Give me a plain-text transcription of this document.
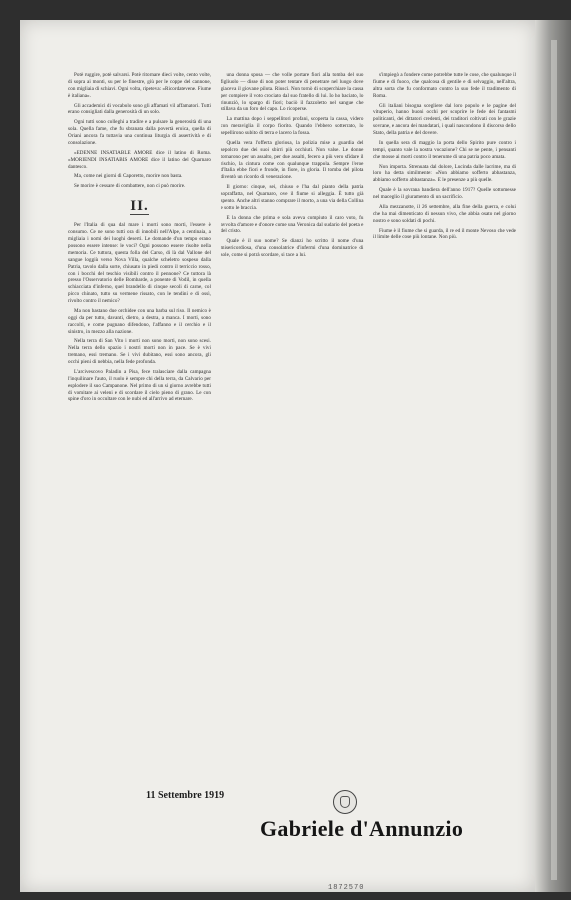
Potè ruggire, potè salvarsi. Potè ritornare dieci volte, cento volte, di sopra ai monti, su per le finestre, giù per le coppe del cannone, con migliaia di schiavi. Ogni volta, ripeteva: «Ricordatevene. Fiume è italiana».

Gli accademici di vocabolo sono gli affamati vil affamatori. Tutti erano consigliati dalla generosità di un solo.

Ogni tutti sono colleghi a tradire e a pulsare la generosità di una sola. Quella fame, che fu sbranata dalla povertà eroica, quella di Oriani ancora fa tuttavia una continua liturgia di assertività e di consolazione.

«EDENNE INSATIABLE AMORE dice il latino di Roma. «MORIENDI INSATIABIS AMORE dice il latino del Quarnaro dantesco.

Ma, come nei giorni di Caporetto, morire non basta.

Se morire è cessare di combattere, non ci può morire.

II.

Per l'Italia di qua dal mare i morti sono morti, l'essere è consumo. Ce ne sono tutti ora di innobili nell'Alpe, a centinaia, a migliaia i nomi dei luoghi deserti. Le domande d'un tempo erano possono essere intense: le voci? Ogni possono essere risolte nella memoria. Ce tuttora, questa folla del Carso, di là dal Vallone del sangue loggiù verso Nova Villa, qualche scheletro sospeso dalla Patria, tavolo dalla sorte, chiusato in piedi contro il terriccio rosso, con i bocchi del teschio visibili contro il pennone? Ce tuttora là presso l'Osservatorio delle Bombarde, a ponente di Vodil, in quella schiacciata d'inferno, quel brandello di cinque secoli di carne, col picco chinato, tutto su vermene rissato, con le tendini e di ossì, rivolto contro il nemico?

Ma non bastano due orchidee con una barba sul riso. Il nemico è oggi da per tutto, davanti, dietro, a destra, a manca. I morti, sono raccolti, e come pugnano difendono, l'affanno e il cerchio e il sinistro, in mezzo alla nazione.

Nella terra di San Vito i morti non sono morti, non sono scesi. Nella terra dello spazio i nostri morti non in pace. Se è vivi tremano, essi tremano. Se i vivi dubitano, essi sono ancora, gli occhi pieni di nebbia, nella fede profonda.

L'arcivescovo Paladin a Pisa, fece tralasciare dalla campagna l'inquilinare l'auto, il ruolo è sempre chi della terra, da Calvario per esplodere il suo Campanone. Nel primo di un si giorno avrebbe tutti di vomitare ai veleni e di scordare il cielo pieno di grano. Le con spine d'oro in occultare con le nubi ed all'arrivo ad eternare.

una donna sposa — che volle portare fiori alla tomba del suo figliuolo — disse di non poter tentare di penetrare nel luogo dove giaceva il giovane pilota. Riuscì. Non tornò di scoperchiare la cassa per compiere il voto crociato dal suo fratello di lui. Io ho baciato, lo rinunziò, lo spargo di fiori; baciò il fazzoletto nel sangue che stillava da un foro del capo. Lo ricoperse.

La mattina dopo i seppellitori profani, scoperta la cassa, videro con meraviglia il corpo fiorito. Quando l'ebbero sotterrato, lo sepellirono subito di terra e lacero la fossa.

Quella vera l'offerta gloriosa, la polizia mise a guardia del sepolcro due dei suoi sbirri più occhiuti. Non valse. Le donne tornarono per un assalto, per due assalti, fecero a più vero sfidare il rischio, la cintura come con qualunque trappola. Sempre l'eroe d'Italia ebbe fiori e fronde, in fiore, in gloria. Il tomba del pilota diventò un ricordo di venerazione.

Il giorno: cinque, sei, chiuso e l'ha dal pianto della patria sopraffatta, nel Quarnaro, ove il fiume si alleggia. È tutto già spento. Anche altri stanno comprare il morto, a una via della Collina e sotto le braccia.

E la donna che prima e sola aveva compiuto il caro voto, fu avvolta d'amore e d'onore come una Veronica dal sudario del poeta e del cristo.

Quale è il suo nome? Se dianzi ho scritto il nome d'una misericordiosa, d'una consolatrice d'infermi d'una dominatrice di sole, come si potrà scordare, si tace a lui.

s'impiegò a fondere come potrebbe tutte le cose, che qualunque il fiume e di fuoco, che qualcosa di gentile e di selvaggio, nell'altra, altra sorta che fu conformato contro la suo fede il tradimento di Roma.

Gli italiani bisogna scegliere dal loro popolo e le pagine del vituperio, hanno buoni occhi per scoprire le fede dei fantasmi politicanti, dei dittatori credenti, dei traditori coltivati con le grazie sovrane, e ancora dei mandatari, i quali nascondono il discorso dello Stato, della patria e del dovere.

In quella sera di maggio la porta dello Spirito pure contro i tempi, quanto vale la nostra vocazione? Chi se ne pente, i pensanti che mosse ai morti contro il tenerume di una patria poco amata.

Non importa. Strenuata dal dolore, Lucinda dalle lacrime, ma di loro ha detta similmente: «Non abbiamo sofferto abbastanza, abbiamo sofferto abbastanza». E le presenze a più quelle.

Quale è la sovrana bandiera dell'anno 1917? Quelle sottomesse nel maceglio il giuramento di un sacrificio.

Alla mezzanotte, il 26 settembre, alla fine della guerra, e colui che ha mai dimenticato di nessun vivo, che abbia osato nel giorno nostro e sono soldati di pochi.

Fiume è il fiume che si guarda, il re ed il monte Nevoso che vede il limite delle cose più lontane. Non più.

11 Settembre 1919
Gabriele d'Annunzio
1872570
